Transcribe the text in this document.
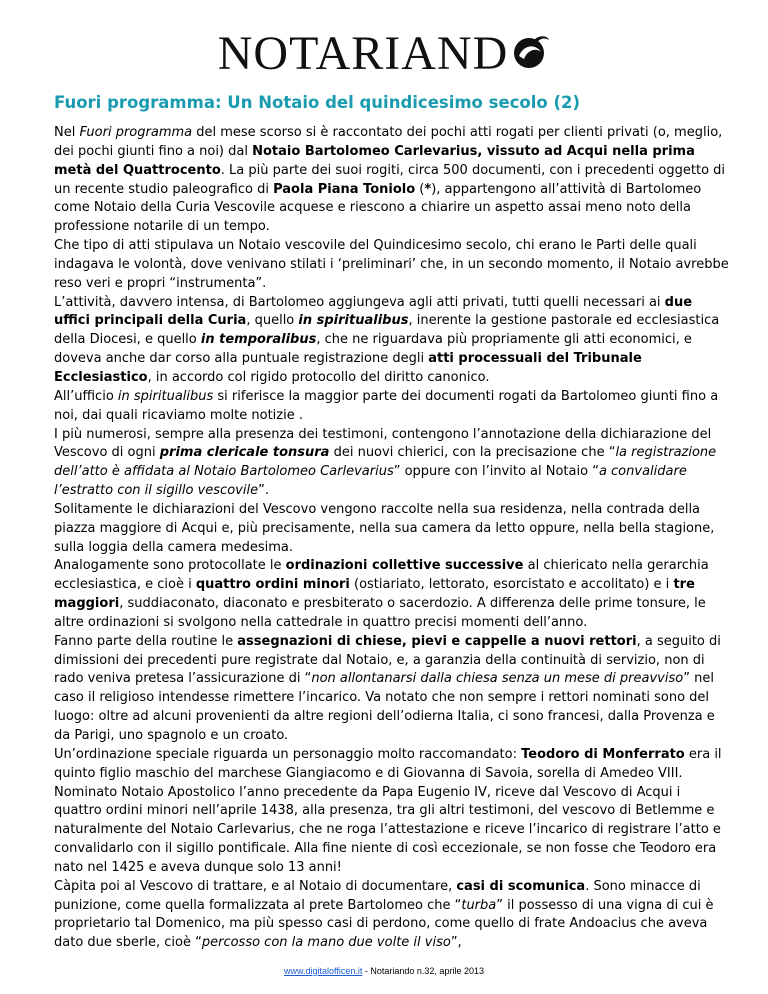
NOTARIAND
Fuori programma: Un Notaio del quindicesimo secolo (2)

Nel Fuori programma del mese scorso si è raccontato dei pochi atti rogati per clienti privati (o, meglio, dei pochi giunti fino a noi) dal Notaio Bartolomeo Carlevarius, vissuto ad Acqui nella prima metà del Quattrocento. La più parte dei suoi rogiti, circa 500 documenti, con i precedenti oggetto di un recente studio paleografico di Paola Piana Toniolo (*), appartengono all’attività di Bartolomeo come Notaio della Curia Vescovile acquese e riescono a chiarire un aspetto assai meno noto della professione notarile di un tempo.

Che tipo di atti stipulava un Notaio vescovile del Quindicesimo secolo, chi erano le Parti delle quali indagava le volontà, dove venivano stilati i ‘preliminari’ che, in un secondo momento, il Notaio avrebbe reso veri e propri “instrumenta”.

L’attività, davvero intensa, di Bartolomeo aggiungeva agli atti privati, tutti quelli necessari ai due uffici principali della Curia, quello in spiritualibus, inerente la gestione pastorale ed ecclesiastica della Diocesi, e quello in temporalibus, che ne riguardava più propriamente gli atti economici, e doveva anche dar corso alla puntuale registrazione degli atti processuali del Tribunale Ecclesiastico, in accordo col rigido protocollo del diritto canonico.

All’ufficio in spiritualibus si riferisce la maggior parte dei documenti rogati da Bartolomeo giunti fino a noi, dai quali ricaviamo molte notizie .

I più numerosi, sempre alla presenza dei testimoni, contengono l’annotazione della dichiarazione del Vescovo di ogni prima clericale tonsura dei nuovi chierici, con la precisazione che “la registrazione dell’atto è affidata al Notaio Bartolomeo Carlevarius” oppure con l’invito al Notaio “a convalidare l’estratto con il sigillo vescovile”.

Solitamente le dichiarazioni del Vescovo vengono raccolte nella sua residenza, nella contrada della piazza maggiore di Acqui e, più precisamente, nella sua camera da letto oppure, nella bella stagione, sulla loggia della camera medesima.

Analogamente sono protocollate le ordinazioni collettive successive al chiericato nella gerarchia ecclesiastica, e cioè i quattro ordini minori (ostiariato, lettorato, esorcistato e accolitato) e i tre maggiori, suddiaconato, diaconato e presbiterato o sacerdozio. A differenza delle prime tonsure, le altre ordinazioni si svolgono nella cattedrale in quattro precisi momenti dell’anno.

Fanno parte della routine le assegnazioni di chiese, pievi e cappelle a nuovi rettori, a seguito di dimissioni dei precedenti pure registrate dal Notaio, e, a garanzia della continuità di servizio, non di rado veniva pretesa l’assicurazione di “non allontanarsi dalla chiesa senza un mese di preavviso” nel caso il religioso intendesse rimettere l’incarico. Va notato che non sempre i rettori nominati sono del luogo: oltre ad alcuni provenienti da altre regioni dell’odierna Italia, ci sono francesi, dalla Provenza e da Parigi, uno spagnolo e un croato.

Un’ordinazione speciale riguarda un personaggio molto raccomandato: Teodoro di Monferrato era il quinto figlio maschio del marchese Giangiacomo e di Giovanna di Savoia, sorella di Amedeo VIII.

Nominato Notaio Apostolico l’anno precedente da Papa Eugenio IV, riceve dal Vescovo di Acqui i quattro ordini minori nell’aprile 1438, alla presenza, tra gli altri testimoni, del vescovo di Betlemme e naturalmente del Notaio Carlevarius, che ne roga l’attestazione e riceve l’incarico di registrare l’atto e convalidarlo con il sigillo pontificale. Alla fine niente di così eccezionale, se non fosse che Teodoro era nato nel 1425 e aveva dunque solo 13 anni!

Càpita poi al Vescovo di trattare, e al Notaio di documentare, casi di scomunica. Sono minacce di punizione, come quella formalizzata al prete Bartolomeo che “turba” il possesso di una vigna di cui è proprietario tal Domenico, ma più spesso casi di perdono, come quello di frate Andoacius che aveva dato due sberle, cioè “percosso con la mano due volte il viso”,

www.digitalofficen.it - Notariando n.32, aprile 2013
